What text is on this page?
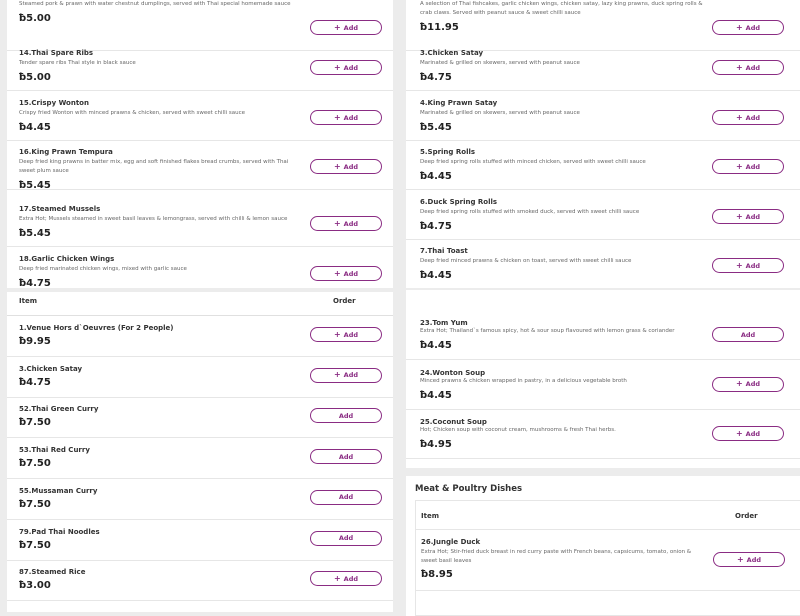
Steamed pork & prawn with water chestnut dumplings, served with Thai special homemade sauce
ƀ5.00
+ Add
14.Thai Spare Ribs
Tender spare ribs Thai style in black sauce
ƀ5.00
+ Add
15.Crispy Wonton
Crispy fried Wonton with minced prawns & chicken, served with sweet chilli sauce
ƀ4.45
+ Add
16.King Prawn Tempura
Deep fried king prawns in batter mix, egg and soft finished flakes bread crumbs, served with Thai sweet plum sauce
ƀ5.45
+ Add
17.Steamed Mussels
Extra Hot; Mussels steamed in sweet basil leaves & lemongrass, served with chilli & lemon sauce
ƀ5.45
+ Add
18.Garlic Chicken Wings
Deep fried marinated chicken wings, mixed with garlic sauce
ƀ4.75
+ Add
Item	Order
1.Venue Hors d`Oeuvres (For 2 People)
ƀ9.95
+ Add
3.Chicken Satay
ƀ4.75
+ Add
52.Thai Green Curry
ƀ7.50
Add
53.Thai Red Curry
ƀ7.50
Add
55.Mussaman Curry
ƀ7.50
Add
79.Pad Thai Noodles
ƀ7.50
Add
87.Steamed Rice
ƀ3.00
+ Add
A selection of Thai fishcakes, garlic chicken wings, chicken satay, lazy king prawns, duck spring rolls & crab claws. Served with peanut sauce & sweet chilli sauce
ƀ11.95	+ Add
3.Chicken Satay
Marinated & grilled on skewers, served with peanut sauce
ƀ4.75
+ Add
4.King Prawn Satay
Marinated & grilled on skewers, served with peanut sauce
ƀ5.45
+ Add
5.Spring Rolls
Deep fried spring rolls stuffed with minced chicken, served with sweet chilli sauce
ƀ4.45
+ Add
6.Duck Spring Rolls
Deep fried spring rolls stuffed with smoked duck, served with sweet chilli sauce
ƀ4.75
+ Add
7.Thai Toast
Deep fried minced prawns & chicken on toast, served with sweet chilli sauce
ƀ4.45
+ Add
23.Tom Yum
Extra Hot; Thailand`s famous spicy, hot & sour soup flavoured with lemon grass & coriander
ƀ4.45
Add
24.Wonton Soup
Minced prawns & chicken wrapped in pastry, in a delicious vegetable broth
ƀ4.45
+ Add
25.Coconut Soup
Hot; Chicken soup with coconut cream, mushrooms & fresh Thai herbs.
ƀ4.95
+ Add
Meat & Poultry Dishes
Item	Order
26.Jungle Duck
Extra Hot; Stir-fried duck breast in red curry paste with French beans, capsicums, tomato, onion & sweet basil leaves
ƀ8.95
+ Add
